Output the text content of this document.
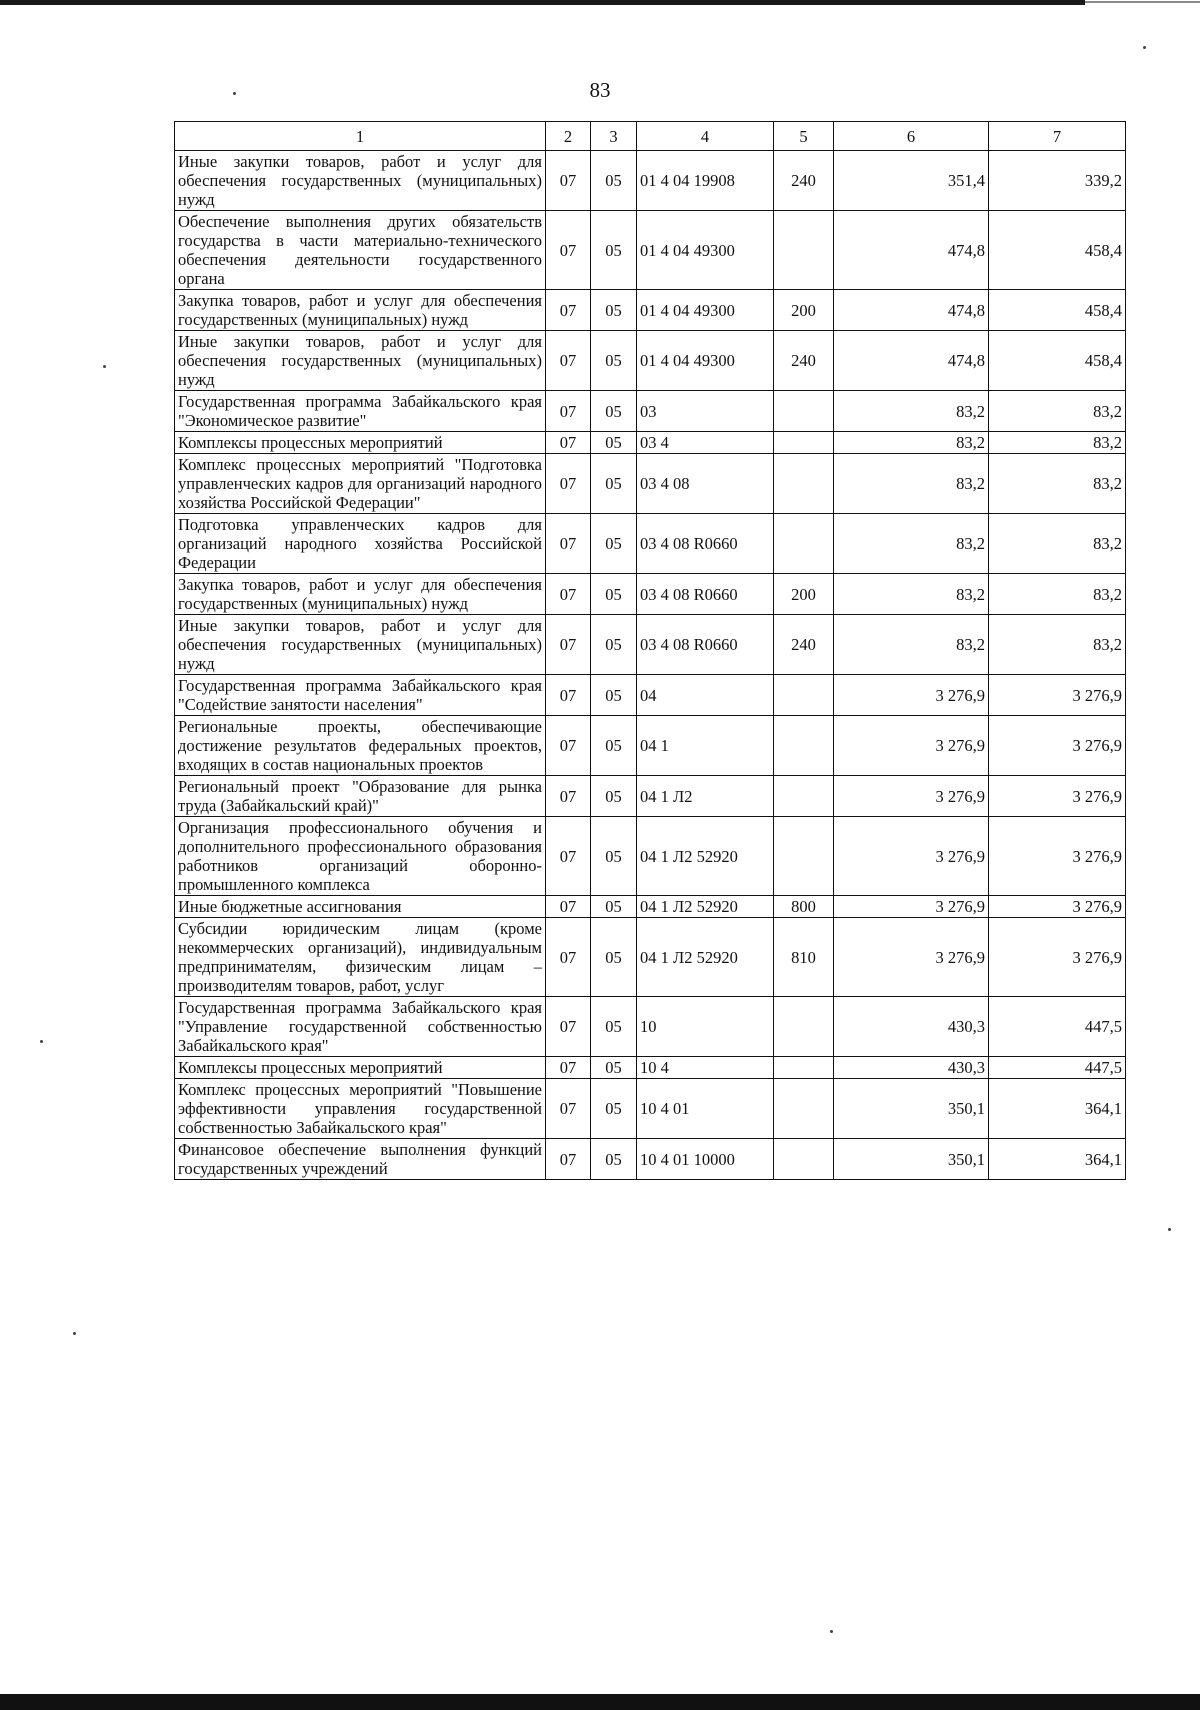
83
1	2	3	4	5	6	7
Иные закупки товаров, работ и услуг для обеспечения государственных (муниципальных) нужд	07	05	01 4 04 19908	240	351,4	339,2
Обеспечение выполнения других обязательств государства в части материально-технического обеспечения деятельности государственного органа	07	05	01 4 04 49300		474,8	458,4
Закупка товаров, работ и услуг для обеспечения государственных (муниципальных) нужд	07	05	01 4 04 49300	200	474,8	458,4
Иные закупки товаров, работ и услуг для обеспечения государственных (муниципальных) нужд	07	05	01 4 04 49300	240	474,8	458,4
Государственная программа Забайкальского края "Экономическое развитие"	07	05	03		83,2	83,2
Комплексы процессных мероприятий	07	05	03 4		83,2	83,2
Комплекс процессных мероприятий "Подготовка управленческих кадров для организаций народного хозяйства Российской Федерации"	07	05	03 4 08		83,2	83,2
Подготовка управленческих кадров для организаций народного хозяйства Российской Федерации	07	05	03 4 08 R0660		83,2	83,2
Закупка товаров, работ и услуг для обеспечения государственных (муниципальных) нужд	07	05	03 4 08 R0660	200	83,2	83,2
Иные закупки товаров, работ и услуг для обеспечения государственных (муниципальных) нужд	07	05	03 4 08 R0660	240	83,2	83,2
Государственная программа Забайкальского края "Содействие занятости населения"	07	05	04		3 276,9	3 276,9
Региональные проекты, обеспечивающие достижение результатов федеральных проектов, входящих в состав национальных проектов	07	05	04 1		3 276,9	3 276,9
Региональный проект "Образование для рынка труда (Забайкальский край)"	07	05	04 1 Л2		3 276,9	3 276,9
Организация профессионального обучения и дополнительного профессионального образования работников организаций оборонно-промышленного комплекса	07	05	04 1 Л2 52920		3 276,9	3 276,9
Иные бюджетные ассигнования	07	05	04 1 Л2 52920	800	3 276,9	3 276,9
Субсидии юридическим лицам (кроме некоммерческих организаций), индивидуальным предпринимателям, физическим лицам – производителям товаров, работ, услуг	07	05	04 1 Л2 52920	810	3 276,9	3 276,9
Государственная программа Забайкальского края "Управление государственной собственностью Забайкальского края"	07	05	10		430,3	447,5
Комплексы процессных мероприятий	07	05	10 4		430,3	447,5
Комплекс процессных мероприятий "Повышение эффективности управления государственной собственностью Забайкальского края"	07	05	10 4 01		350,1	364,1
Финансовое обеспечение выполнения функций государственных учреждений	07	05	10 4 01 10000		350,1	364,1
